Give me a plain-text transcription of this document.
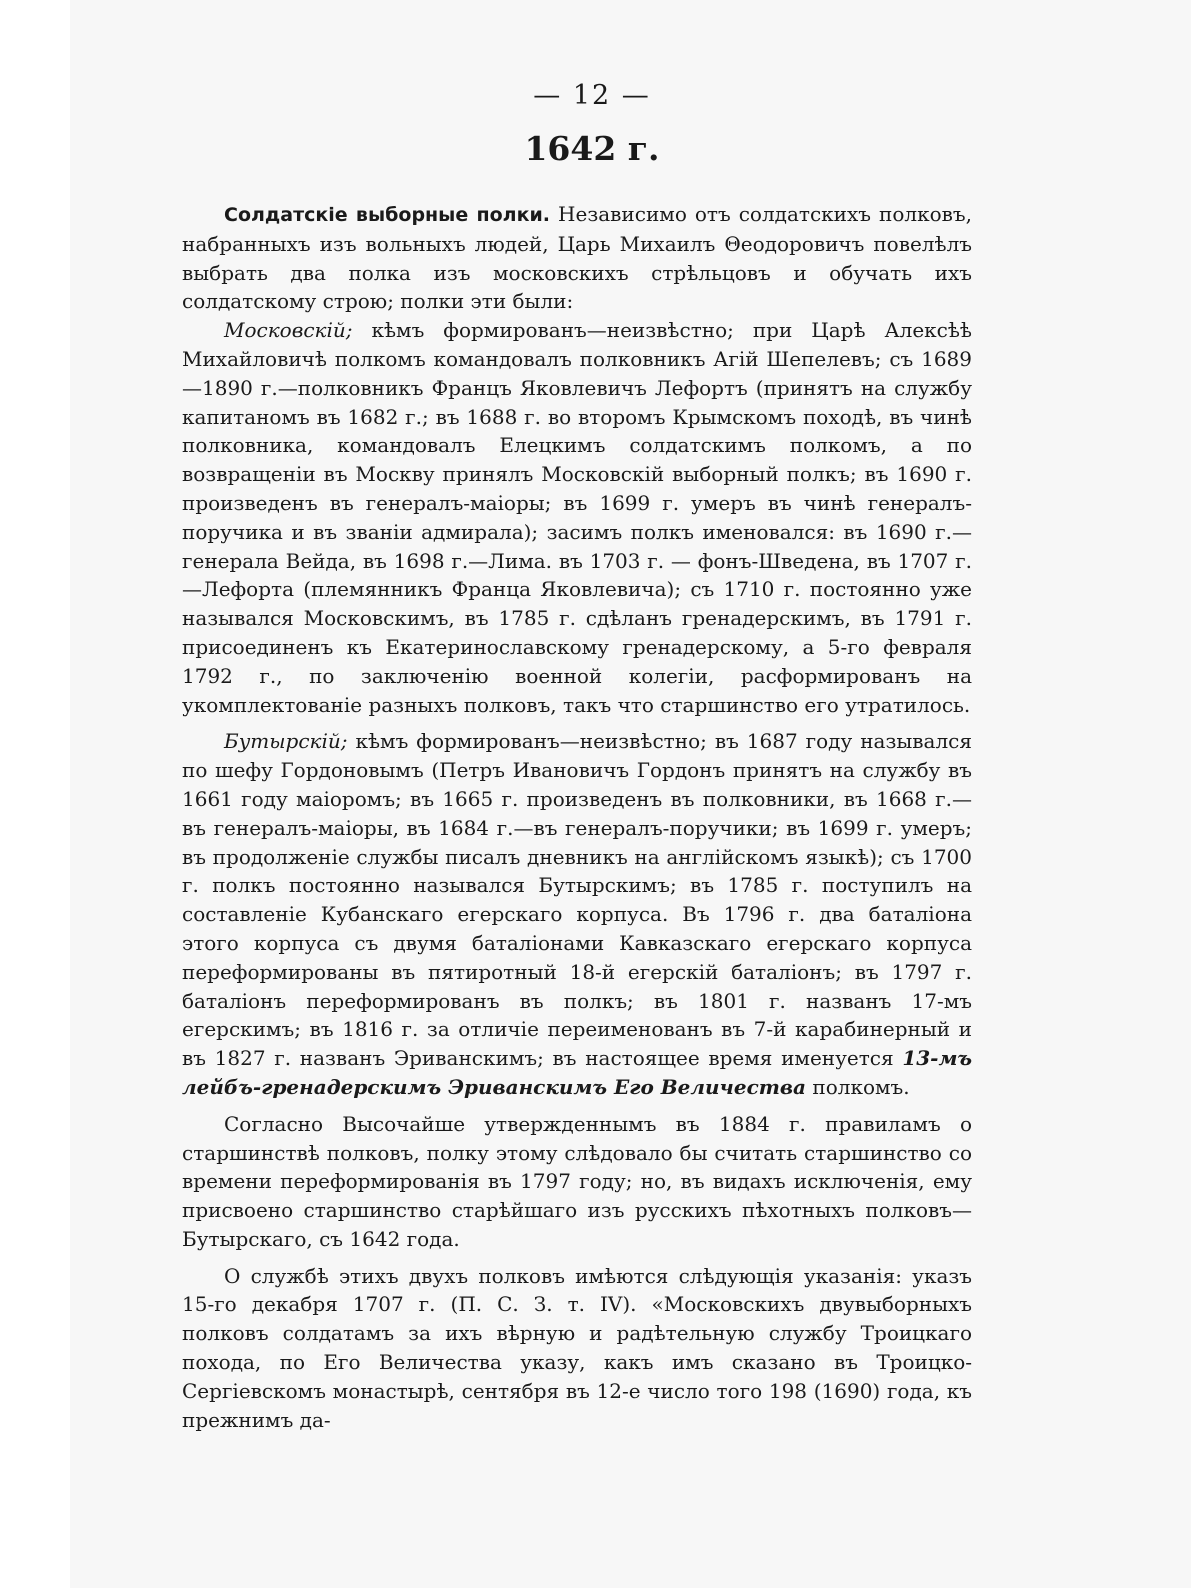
— 12 —
1642 г.

Солдатскіе выборные полки. Независимо отъ солдатскихъ полковъ, набранныхъ изъ вольныхъ людей, Царь Михаилъ Θеодоровичъ повелѣлъ выбрать два полка изъ московскихъ стрѣльцовъ и обучать ихъ солдатскому строю; полки эти были:

Московскій; кѣмъ формированъ—неизвѣстно; при Царѣ Алексѣѣ Михайловичѣ полкомъ командовалъ полковникъ Агій Шепелевъ; съ 1689—1890 г.—полковникъ Францъ Яковлевичъ Лефортъ (принятъ на службу капитаномъ въ 1682 г.; въ 1688 г. во второмъ Крымскомъ походѣ, въ чинѣ полковника, командовалъ Елецкимъ солдатскимъ полкомъ, а по возвращеніи въ Москву принялъ Московскій выборный полкъ; въ 1690 г. произведенъ въ генералъ-маіоры; въ 1699 г. умеръ въ чинѣ генералъ-поручика и въ званіи адмирала); засимъ полкъ именовался: въ 1690 г.—генерала Вейда, въ 1698 г.—Лима. въ 1703 г. — фонъ-Шведена, въ 1707 г.—Лефорта (племянникъ Франца Яковлевича); съ 1710 г. постоянно уже назывался Московскимъ, въ 1785 г. сдѣланъ гренадерскимъ, въ 1791 г. присоединенъ къ Екатеринославскому гренадерскому, а 5-го февраля 1792 г., по заключенію военной колегіи, расформированъ на укомплектованіе разныхъ полковъ, такъ что старшинство его утратилось.

Бутырскій; кѣмъ формированъ—неизвѣстно; въ 1687 году назывался по шефу Гордоновымъ (Петръ Ивановичъ Гордонъ принятъ на службу въ 1661 году маіоромъ; въ 1665 г. произведенъ въ полковники, въ 1668 г.—въ генералъ-маіоры, въ 1684 г.—въ генералъ-поручики; въ 1699 г. умеръ; въ продолженіе службы писалъ дневникъ на англійскомъ языкѣ); съ 1700 г. полкъ постоянно назывался Бутырскимъ; въ 1785 г. поступилъ на составленіе Кубанскаго егерскаго корпуса. Въ 1796 г. два баталіона этого корпуса съ двумя баталіонами Кавказскаго егерскаго корпуса переформированы въ пятиротный 18-й егерскій баталіонъ; въ 1797 г. баталіонъ переформированъ въ полкъ; въ 1801 г. названъ 17-мъ егерскимъ; въ 1816 г. за отличіе переименованъ въ 7-й карабинерный и въ 1827 г. названъ Эриванскимъ; въ настоящее время именуется 13-мъ лейбъ-гренадерскимъ Эриванскимъ Его Величества полкомъ.

Согласно Высочайше утвержденнымъ въ 1884 г. правиламъ о старшинствѣ полковъ, полку этому слѣдовало бы считать старшинство со времени переформированія въ 1797 году; но, въ видахъ исключенія, ему присвоено старшинство старѣйшаго изъ русскихъ пѣхотныхъ полковъ—Бутырскаго, съ 1642 года.

О службѣ этихъ двухъ полковъ имѣются слѣдующія указанія: указъ 15-го декабря 1707 г. (П. С. З. т. IV). «Московскихъ двувыборныхъ полковъ солдатамъ за ихъ вѣрную и радѣтельную службу Троицкаго похода, по Его Величества указу, какъ имъ сказано въ Троицко-Сергіевскомъ монастырѣ, сентября въ 12-е число того 198 (1690) года, къ прежнимъ да-
